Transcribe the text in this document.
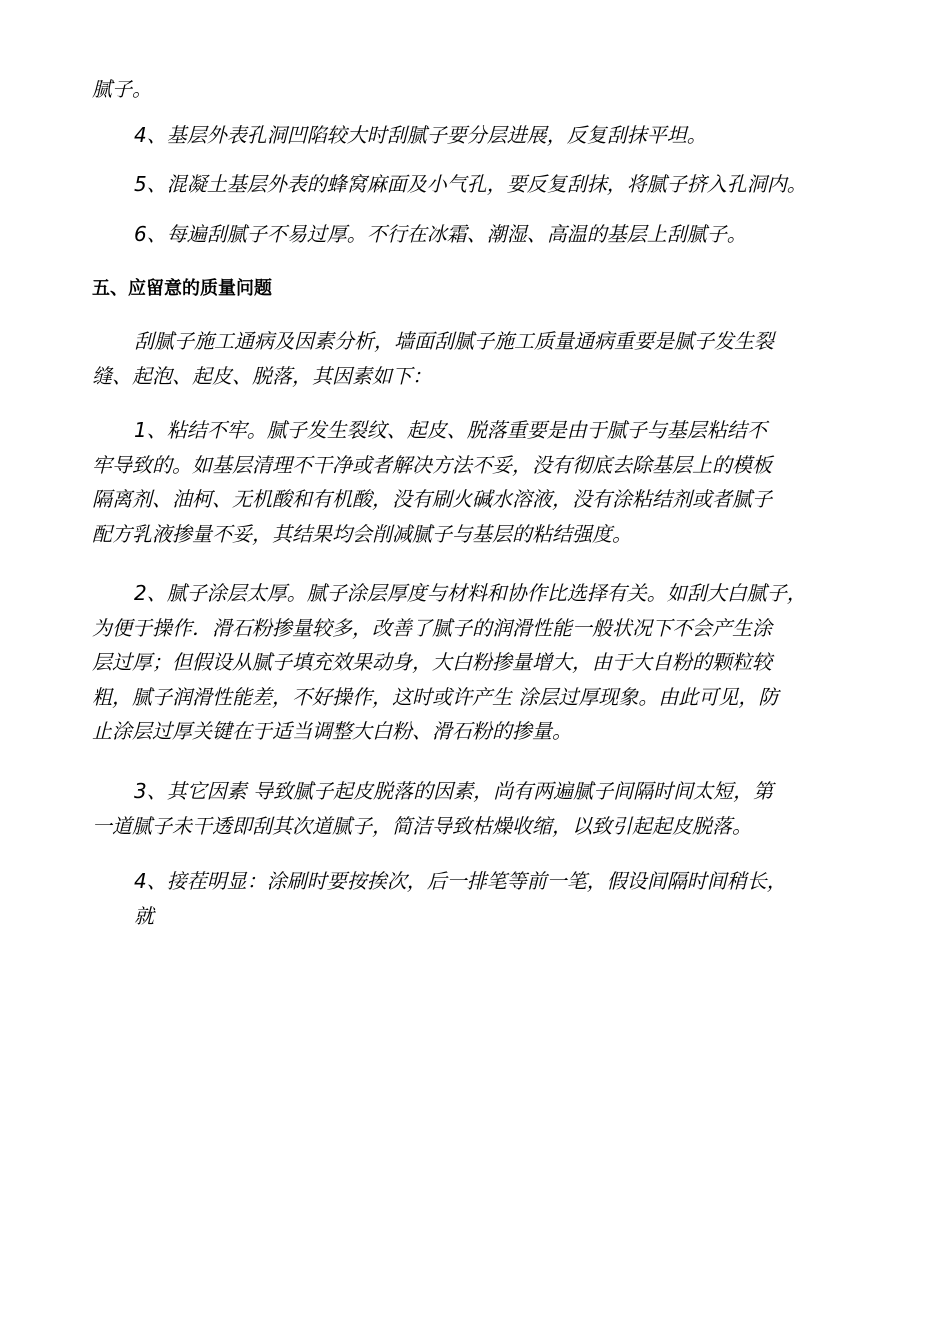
腻子。

4、基层外表孔洞凹陷较大时刮腻子要分层进展，反复刮抹平坦。

5、混凝土基层外表的蜂窝麻面及小气孔，要反复刮抹，将腻子挤入孔洞内。

6、每遍刮腻子不易过厚。不行在冰霜、潮湿、高温的基层上刮腻子。

五、应留意的质量问题

刮腻子施工通病及因素分析，墙面刮腻子施工质量通病重要是腻子发生裂
缝、起泡、起皮、脱落，其因素如下：

1、粘结不牢。腻子发生裂纹、起皮、脱落重要是由于腻子与基层粘结不
牢导致的。如基层清理不干净或者解决方法不妥，没有彻底去除基层上的模板
隔离剂、油柯、无机酸和有机酸，没有刷火碱水溶液，没有涂粘结剂或者腻子
配方乳液掺量不妥，其结果均会削减腻子与基层的粘结强度。

2、腻子涂层太厚。腻子涂层厚度与材料和协作比选择有关。如刮大白腻子，
为便于操作．滑石粉掺量较多，改善了腻子的润滑性能一般状况下不会产生涂
层过厚；但假设从腻子填充效果动身，大白粉掺量增大，由于大自粉的颗粒较
粗，腻子润滑性能差，不好操作，这时或许产生 涂层过厚现象。由此可见，防
止涂层过厚关键在于适当调整大白粉、滑石粉的掺量。

3、其它因素 导致腻子起皮脱落的因素，尚有两遍腻子间隔时间太短，第
一道腻子未干透即刮其次道腻子，简洁导致枯燥收缩，以致引起起皮脱落。

4、接茬明显：涂刷时要按挨次，后一排笔等前一笔，假设间隔时间稍长，
就
